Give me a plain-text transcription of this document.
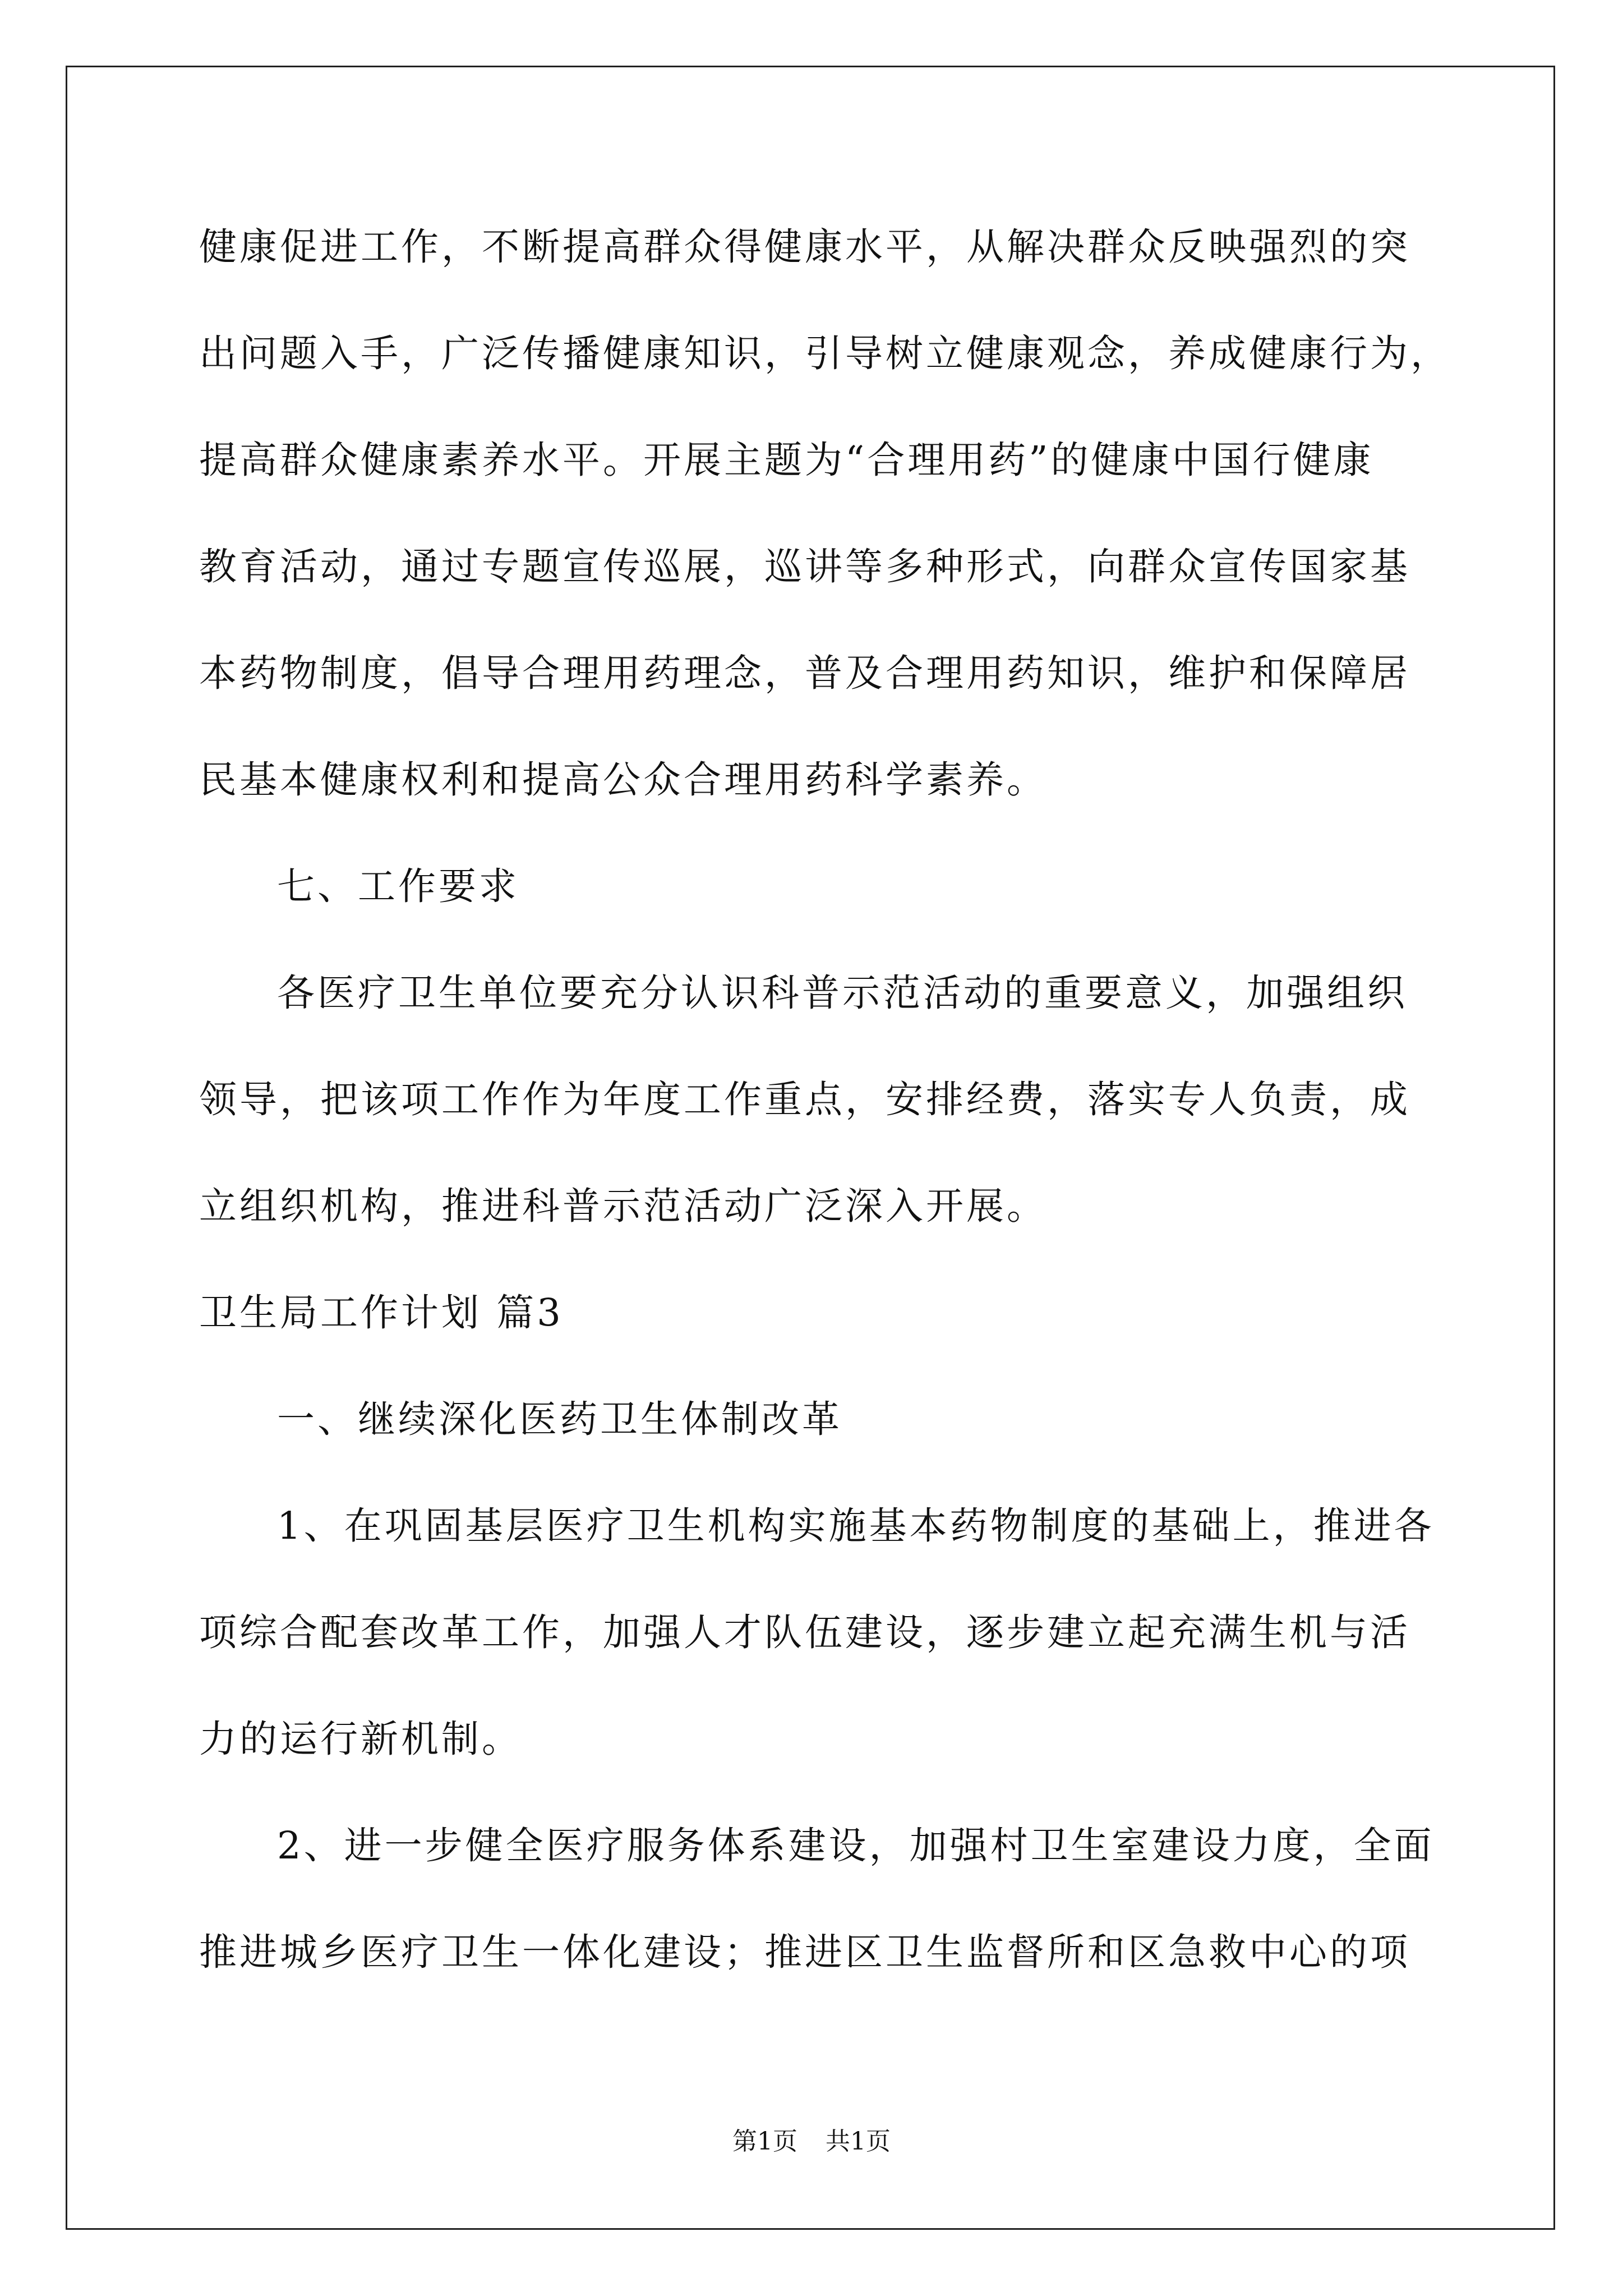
健康促进工作，不断提高群众得健康水平，从解决群众反映强烈的突
出问题入手，广泛传播健康知识，引导树立健康观念，养成健康行为，
提高群众健康素养水平。开展主题为“合理用药”的健康中国行健康
教育活动，通过专题宣传巡展，巡讲等多种形式，向群众宣传国家基
本药物制度，倡导合理用药理念，普及合理用药知识，维护和保障居
民基本健康权利和提高公众合理用药科学素养。
七、工作要求
各医疗卫生单位要充分认识科普示范活动的重要意义，加强组织
领导，把该项工作作为年度工作重点，安排经费，落实专人负责，成
立组织机构，推进科普示范活动广泛深入开展。
卫生局工作计划 篇3
一、继续深化医药卫生体制改革
1、在巩固基层医疗卫生机构实施基本药物制度的基础上，推进各
项综合配套改革工作，加强人才队伍建设，逐步建立起充满生机与活
力的运行新机制。
2、进一步健全医疗服务体系建设，加强村卫生室建设力度，全面
推进城乡医疗卫生一体化建设；推进区卫生监督所和区急救中心的项
第1页 共1页
